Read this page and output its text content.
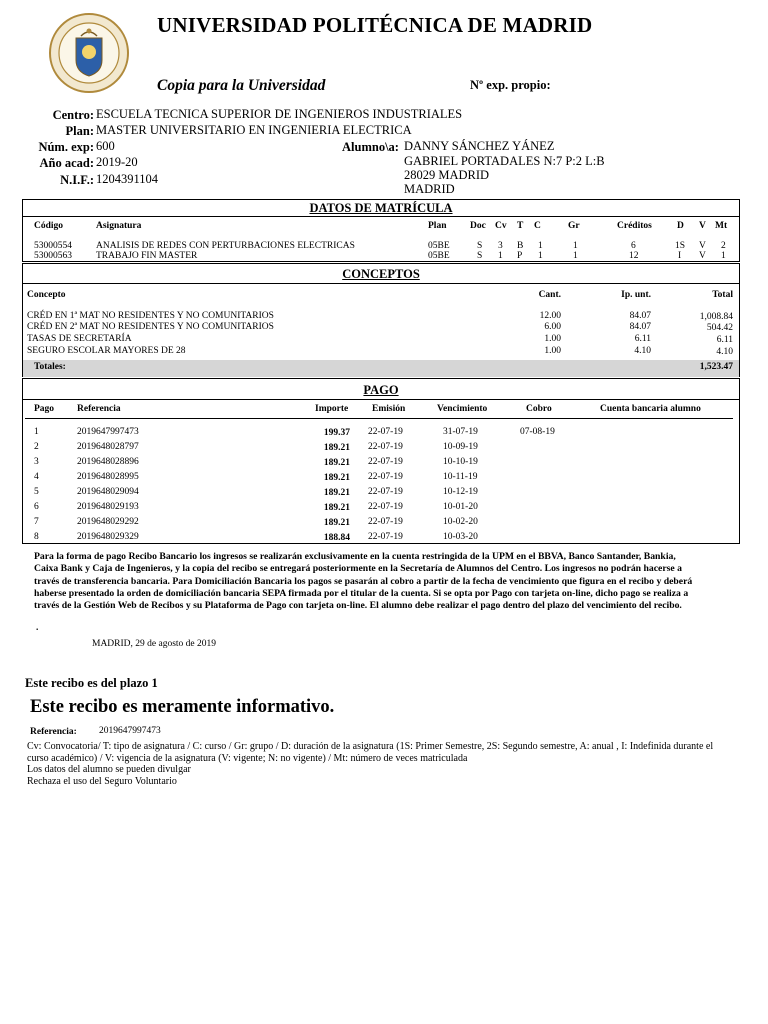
UNIVERSIDAD POLITÉCNICA DE MADRID
Copia para la Universidad	Nº exp. propio:
Centro: ESCUELA TECNICA SUPERIOR DE INGENIEROS INDUSTRIALES
Plan: MASTER UNIVERSITARIO EN INGENIERIA ELECTRICA
Núm. exp: 600
Año acad: 2019-20
N.I.F.: 1204391104
Alumno\a: DANNY SÁNCHEZ YÁNEZ
GABRIEL PORTADALES N:7 P:2 L:B
28029 MADRID
MADRID
DATOS DE MATRÍCULA
Código	Asignatura	Plan Doc Cv T C	Gr	Créditos	D V Mt
53000554	ANALISIS DE REDES CON PERTURBACIONES ELECTRICAS	05BE	S 3 B 1	1	6	1S V 2
53000563	TRABAJO FIN MASTER	05BE	S 1 P 1	1	12	I V 1
CONCEPTOS
Concepto	Cant.	Ip. unt.	Total
CRÉD EN 1ª MAT NO RESIDENTES Y NO COMUNITARIOS	12.00	84.07	1,008.84
CRÉD EN 2ª MAT NO RESIDENTES Y NO COMUNITARIOS	6.00	84.07	504.42
TASAS DE SECRETARÍA	1.00	6.11	6.11
SEGURO ESCOLAR MAYORES DE 28	1.00	4.10	4.10
Totales:	1,523.47
PAGO
Pago Referencia	Importe	Emisión	Vencimiento	Cobro	Cuenta bancaria alumno
1	2019647997473	199.37 22-07-19	31-07-19	07-08-19
2	2019648028797	189.21 22-07-19	10-09-19
3	2019648028896	189.21 22-07-19	10-10-19
4	2019648028995	189.21 22-07-19	10-11-19
5	2019648029094	189.21 22-07-19	10-12-19
6	2019648029193	189.21 22-07-19	10-01-20
7	2019648029292	189.21 22-07-19	10-02-20
8	2019648029329	188.84 22-07-19	10-03-20
Para la forma de pago Recibo Bancario los ingresos se realizarán exclusivamente en la cuenta restringida de la UPM en el BBVA, Banco Santander, Bankia,
Caixa Bank y Caja de Ingenieros, y la copia del recibo se entregará posteriormente en la Secretaría de Alumnos del Centro. Los ingresos no podrán hacerse a
través de transferencia bancaria. Para Domiciliación Bancaria los pagos se pasarán al cobro a partir de la fecha de vencimiento que figura en el recibo y deberá
haberse presentado la orden de domiciliación bancaria SEPA firmada por el titular de la cuenta. Si se opta por Pago con tarjeta on-line, dicho pago se realiza a
través de la Gestión Web de Recibos y su Plataforma de Pago con tarjeta on-line. El alumno debe realizar el pago dentro del plazo del vencimiento del recibo.
.
MADRID, 29 de agosto de 2019
Este recibo es del plazo 1
Este recibo es meramente informativo.
Referencia: 2019647997473
Cv: Convocatoria/ T: tipo de asignatura / C: curso / Gr: grupo / D: duración de la asignatura (1S: Primer Semestre, 2S: Segundo semestre, A: anual , I: Indefinida durante el
curso académico) / V: vigencia de la asignatura (V: vigente; N: no vigente) / Mt: número de veces matriculada
Los datos del alumno se pueden divulgar
Rechaza el uso del Seguro Voluntario
